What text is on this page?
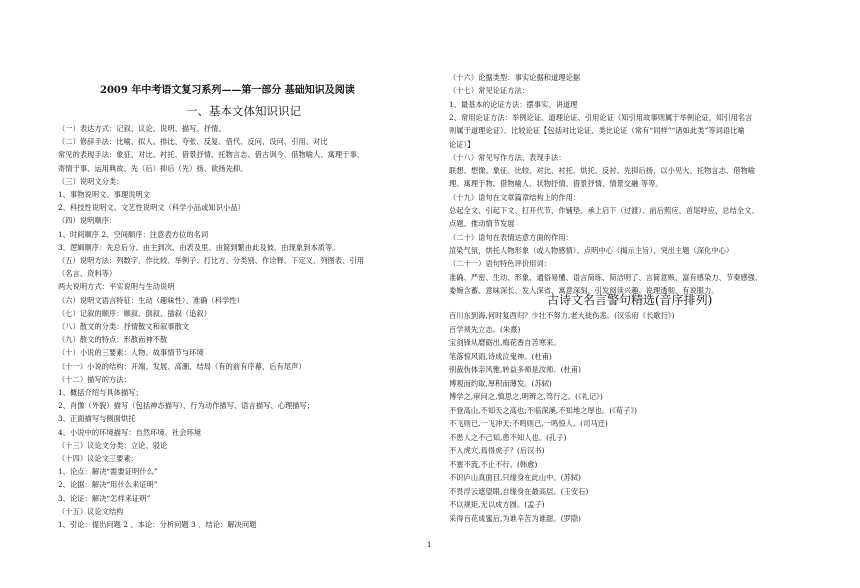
2009 年中考语文复习系列——第一部分 基础知识及阅读
一、基本文体知识识记
（一）表达方式：记叙、议论、说明、描写、抒情。
（二）修辞手法：比喻、拟人、排比、夸张、反复、借代、反问、设问、引用、对比
常见的表现手法：象征、对比、衬托、借景抒情、托物言志、借古讽今、借物喻人、寓理于事、
寄情于事、运用典故、先（后）抑后（先）扬、欲扬先抑。
（三）说明文分类：
1、事物说明文、事理说明文
2、科技性说明文、文艺性说明文（科学小品或知识小品）
（四）说明顺序：
1、时间顺序 2、空间顺序：注意表方位的名词
3、逻辑顺序：先总后分、由主到次、由表及里、由简到繁由此及彼、由现象到本质等。
（五）说明方法：列数字、作比较、举例子、打比方、分类别、作诠释、下定义、列图表、引用
（名言、资料等）
两大说明方式：平实说明与生动说明
（六）说明文语言特征：生动（趣味性）、准确（科学性）
（七）记叙的顺序：顺叙、倒叙、插叙（追叙）
（八）散文的分类：抒情散文和叙事散文
（九）散文的特点：形散而神不散
（十）小说的三要素：人物、故事情节与环境
（十一）小说的结构：开端、发展、高潮、结局（有的前有序幕，后有尾声）
（十二）描写的方法：
1、概括介绍与具体描写；
2、肖像（外貌）描写（包括神态描写）、行为动作描写、语言描写、心理描写；
3、正面描写与侧面烘托
4、小说中的环境描写：自然环境、社会环境
（十三）议论文分类：立论、驳论
（十四）议论文三要素：
1、论点：解决“需要证明什么”
2、论据：解决“用什么来证明”
3、论证：解决“怎样来证明”
（十五）议论文结构
1、引论：提出问题 2 、本论：分析问题 3 、结论：解决问题
（十六）论据类型：事实论据和道理论据
（十七）常见论证方法：
1、最基本的论证方法：摆事实、讲道理
2、常用论证方法：举例论证、道理论证、引用论证（知引用故事则属于举例论证，知引用名言
则属于道理论证）、比较论证【包括对比论证、类比论证（常有“同样”“诸如此类”等词语比喻
论证）】
（十八）常见写作方法、表现手法：
联想、想像、象征、比较、对比、衬托、烘托、反衬、先抑后扬、以小见大、托物言志、借物喻
理、寓理于物、借物喻人、状物抒情、借景抒情、情景交融 等等。
（十九）语句在文章篇章结构上的作用：
总起全文、引起下文、打开代节、作铺垫、承上启下（过渡）、前后照应、首尾呼应、总结全文、
点题、推动情节发展
（二十）语句在表情达意方面的作用：
渲染气氛，烘托人物形象（或人物感情）、点明中心（揭示主旨）、突出主题（深化中心）
（二十一）语句特色评价用词：
准确、严密、生动、形象、通俗易懂、语言简练、简洁明了、言简意赅、富有感染力、节奏感强、
委婉含蓄、意味深长、发人深省、寓意深刻、引发阅读兴趣、说理透彻、有说服力。
古诗文名言警句精选(音序排列)
百川东到海,何时复西归？少壮不努力,老大徒伤悲。(汉乐府《长歌行》)
百学须先立志。(朱熹)
宝剑锋从磨砺出,梅花香自苦寒来。
笔落惊风雨,诗成泣鬼神。(杜甫)
别裁伪体亲风雅,转益多师是汝师。(杜甫)
博观而约取,厚积而薄发。(苏轼)
博学之,审问之,慎思之,明辨之,笃行之。(《礼记》)
不登高山,不知天之高也;不临深溪,不知地之厚也。(《荀子》)
不飞则已,一飞冲天;不鸣则已,一鸣惊人。(司马迁)
不患人之不己知,患不知人也。(孔子)
不入虎穴,焉得虎子？(后汉书)
不塞不流,不止不行。(韩愈)
不识庐山真面目,只缘身在此山中。(苏轼)
不畏浮云遮望眼,自缘身在最高层。(王安石)
不以规矩,无以成方圆。(孟子)
采得百花成蜜后,为谁辛苦为谁甜。(罗隐)
1
